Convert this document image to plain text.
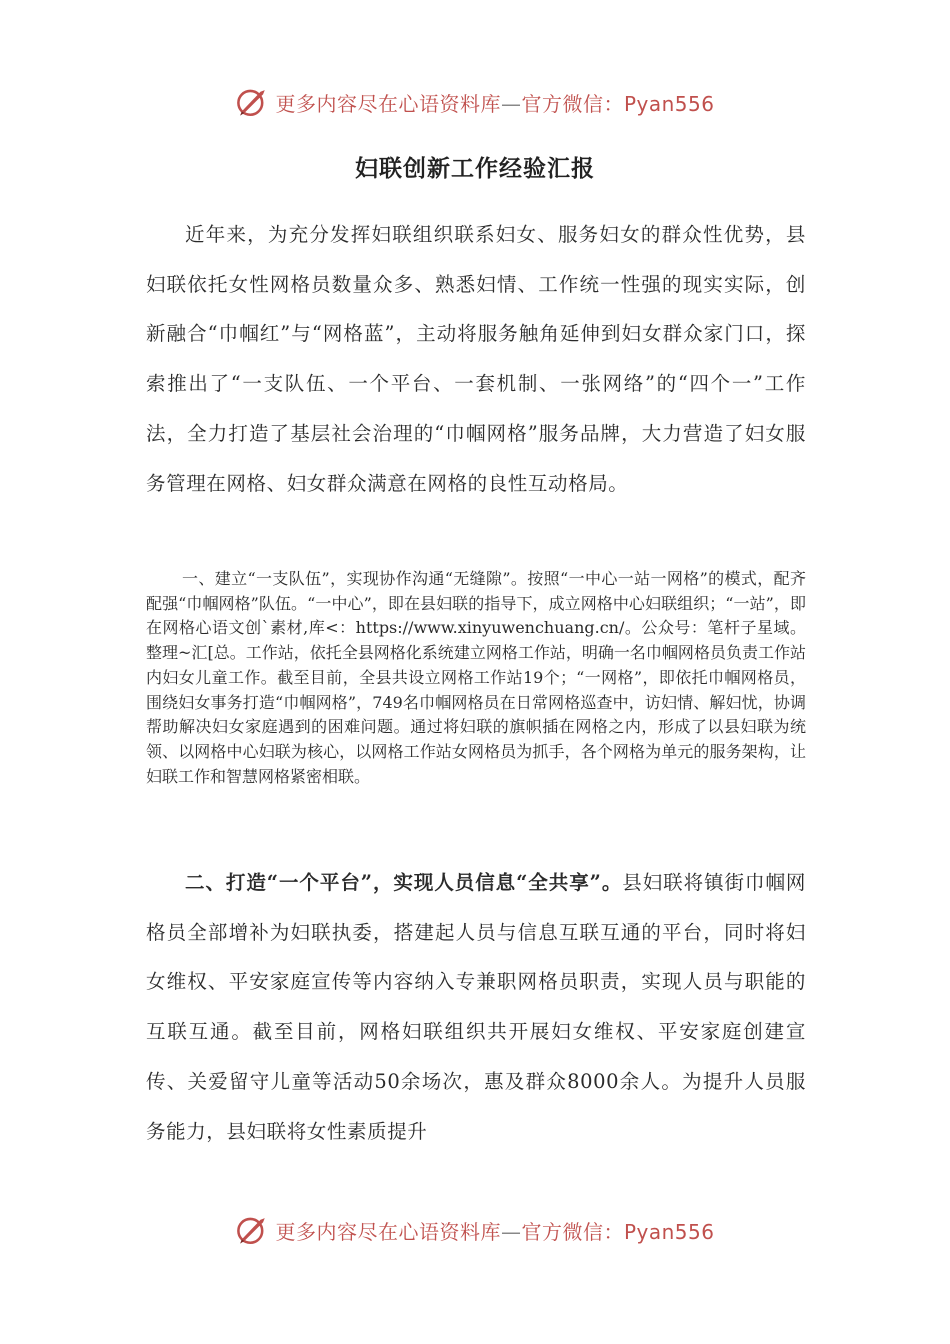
更多内容尽在心语资料库—官方微信：Pyan556
妇联创新工作经验汇报

近年来，为充分发挥妇联组织联系妇女、服务妇女的群众性优势，县妇联依托女性网格员数量众多、熟悉妇情、工作统一性强的现实实际，创新融合“巾帼红”与“网格蓝”，主动将服务触角延伸到妇女群众家门口，探索推出了“一支队伍、一个平台、一套机制、一张网络”的“四个一”工作法，全力打造了基层社会治理的“巾帼网格”服务品牌，大力营造了妇女服务管理在网格、妇女群众满意在网格的良性互动格局。

一、建立“一支队伍”，实现协作沟通“无缝隙”。按照“一中心一站一网格”的模式，配齐配强“巾帼网格”队伍。“一中心”，即在县妇联的指导下，成立网格中心妇联组织；“一站”，即在网格心语文创`素材,库<：https://www.xinyuwenchuang.cn/。公众号：笔杆子星域。整理~汇[总。工作站，依托全县网格化系统建立网格工作站，明确一名巾帼网格员负责工作站内妇女儿童工作。截至目前，全县共设立网格工作站19个；“一网格”，即依托巾帼网格员，围绕妇女事务打造“巾帼网格”，749名巾帼网格员在日常网格巡查中，访妇情、解妇忧，协调帮助解决妇女家庭遇到的困难问题。通过将妇联的旗帜插在网格之内，形成了以县妇联为统领、以网格中心妇联为核心，以网格工作站女网格员为抓手，各个网格为单元的服务架构，让妇联工作和智慧网格紧密相联。

二、打造“一个平台”，实现人员信息“全共享”。县妇联将镇街巾帼网格员全部增补为妇联执委，搭建起人员与信息互联互通的平台，同时将妇女维权、平安家庭宣传等内容纳入专兼职网格员职责，实现人员与职能的互联互通。截至目前，网格妇联组织共开展妇女维权、平安家庭创建宣传、关爱留守儿童等活动50余场次，惠及群众8000余人。为提升人员服务能力，县妇联将女性素质提升

更多内容尽在心语资料库—官方微信：Pyan556
